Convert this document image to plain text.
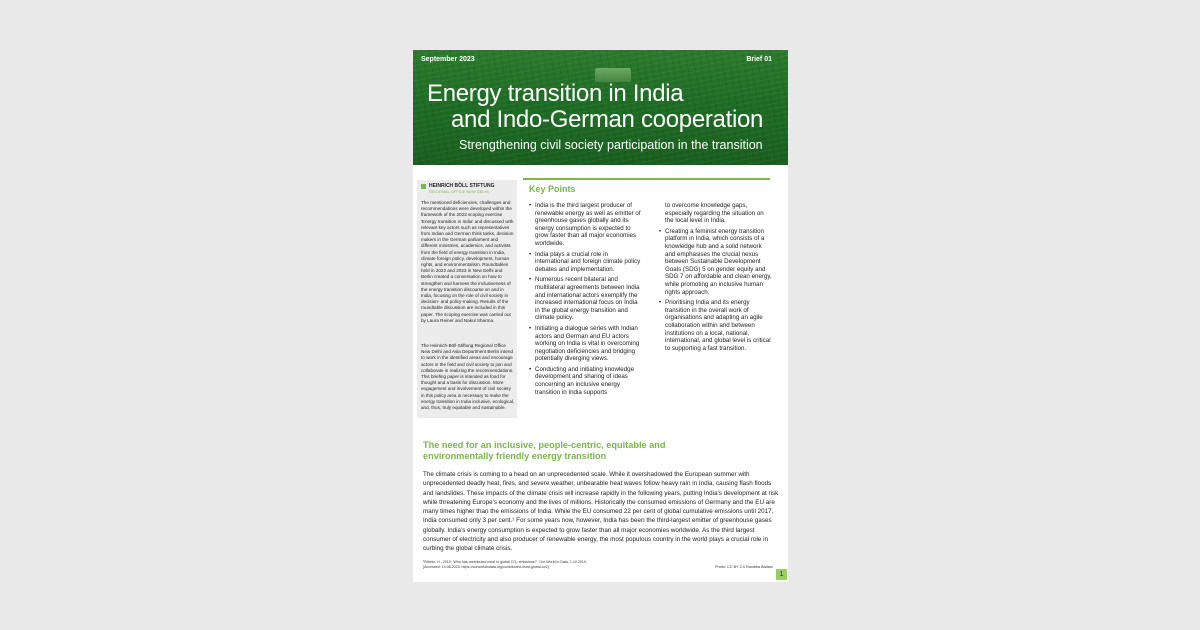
September 2023	Brief 01
Energy transition in India
and Indo-German cooperation
Strengthening civil society participation in the transition
HEINRICH BÖLL STIFTUNG
REGIONAL OFFICE NEW DELHI
The mentioned deficiencies, challenges and recommendations were developed within the framework of the 2023 scoping exercise 'Energy transition in India' and discussed with relevant key actors such as representatives from Indian and German think tanks, decision makers in the German parliament and different ministries, academics, and activists from the field of energy transition in India, climate foreign policy, development, human rights, and environmentalism. Roundtables held in 2022 and 2023 in New Delhi and Berlin created a conversation on how to strengthen and harness the inclusiveness of the energy transition discourse on and in India, focusing on the role of civil society in decision- and policy-making. Results of the roundtable discussion are included in this paper. The scoping exercise was carried out by Laura Reiner and Nakul Sharma.
The Heinrich-Böll-Stiftung Regional Office New Delhi and Asia Department Berlin intend to work in the identified areas and encourage actors in the field and civil society to join and collaborate in realizing the recommendations. This briefing paper is intended as food for thought and a basis for discussion. More engagement and involvement of civil society in this policy area is necessary to make the energy transition in India inclusive, ecological, and, thus, truly equitable and sustainable.
Key Points
• India is the third largest producer of renewable energy as well as emitter of greenhouse gases globally and its energy consumption is expected to grow faster than all major economies worldwide.
• India plays a crucial role in international and foreign climate policy debates and implementation.
• Numerous recent bilateral and multilateral agreements between India and international actors exemplify the increased international focus on India in the global energy transition and climate policy.
• Initiating a dialogue series with Indian actors and German and EU actors working on India is vital in overcoming negotiation deficiencies and bridging potentially diverging views.
• Conducting and initiating knowledge development and sharing of ideas concerning an inclusive energy transition in India supports
to overcome knowledge gaps, especially regarding the situation on the local level in India.
• Creating a feminist energy transition platform in India, which consists of a knowledge hub and a solid network and emphasises the crucial nexus between Sustainable Development Goals (SDG) 5 on gender equity and SDG 7 on affordable and clean energy, while promoting an inclusive human rights approach.
• Prioritising India and its energy transition in the overall work of organisations and adapting an agile collaboration within and between institutions on a local, national, international, and global level is critical to supporting a fast transition.
The need for an inclusive, people-centric, equitable and environmentally friendly energy transition
The climate crisis is coming to a head on an unprecedented scale. While it overshadowed the European summer with unprecedented deadly heat, fires, and severe weather, unbearable heat waves follow heavy rain in India, causing flash floods and landslides. These impacts of the climate crisis will increase rapidly in the following years, putting India's development at risk while threatening Europe's economy and the lives of millions. Historically the consumed emissions of Germany and the EU are many times higher than the emissions of India: While the EU consumed 22 per cent of global cumulative emissions until 2017, India consumed only 3 per cent.¹ For some years now, however, India has been the third-largest emitter of greenhouse gases globally. India's energy consumption is expected to grow faster than all major economies worldwide. As the third largest consumer of electricity and also producer of renewable energy, the most populous country in the world plays a crucial role in curbing the global climate crisis.
¹Ritchie, H., 2019, 'Who has contributed most to global CO₂ emissions?', Our World in Data, 1.10.2019, [Accessed: 14.08.2023: https://ourworldindata.org/contributed-most-global-co2]	Photo: CC BY 2.0 Randika Badani
1
